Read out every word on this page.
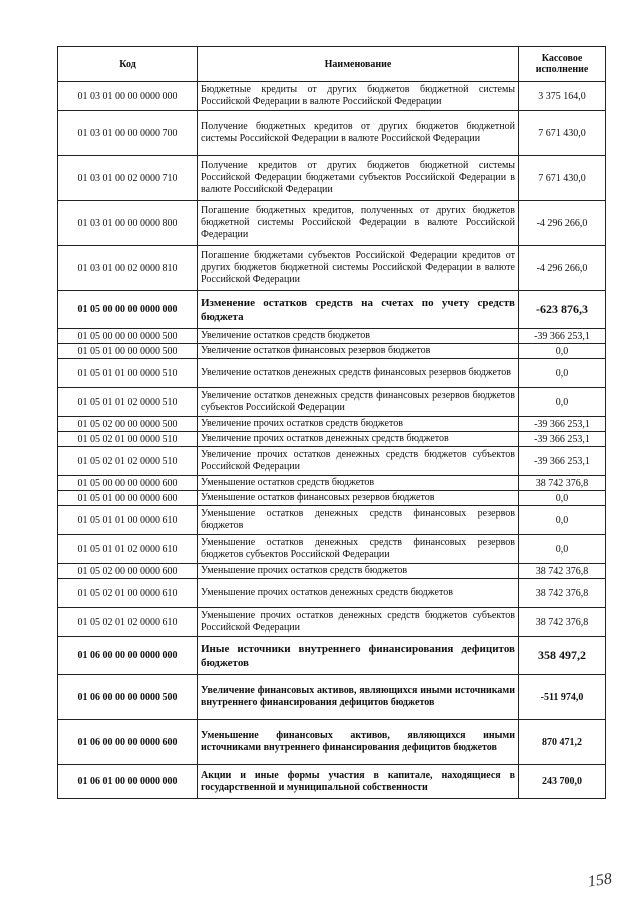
Код	Наименование	Кассовое исполнение
01 03 01 00 00 0000 000	Бюджетные кредиты от других бюджетов бюджетной системы Российской Федерации в валюте Российской Федерации	3 375 164,0
01 03 01 00 00 0000 700	Получение бюджетных кредитов от других бюджетов бюджетной системы Российской Федерации в валюте Российской Федерации	7 671 430,0
01 03 01 00 02 0000 710	Получение кредитов от других бюджетов бюджетной системы Российской Федерации бюджетами субъектов Российской Федерации в валюте Российской Федерации	7 671 430,0
01 03 01 00 00 0000 800	Погашение бюджетных кредитов, полученных от других бюджетов бюджетной системы Российской Федерации в валюте Российской Федерации	-4 296 266,0
01 03 01 00 02 0000 810	Погашение бюджетами субъектов Российской Федерации кредитов от других бюджетов бюджетной системы Российской Федерации в валюте Российской Федерации	-4 296 266,0
01 05 00 00 00 0000 000	Изменение остатков средств на счетах по учету средств бюджета	-623 876,3
01 05 00 00 00 0000 500	Увеличение остатков средств бюджетов	-39 366 253,1
01 05 01 00 00 0000 500	Увеличение остатков финансовых резервов бюджетов	0,0
01 05 01 01 00 0000 510	Увеличение остатков денежных средств финансовых резервов бюджетов	0,0
01 05 01 01 02 0000 510	Увеличение остатков денежных средств финансовых резервов бюджетов субъектов Российской Федерации	0,0
01 05 02 00 00 0000 500	Увеличение прочих остатков средств бюджетов	-39 366 253,1
01 05 02 01 00 0000 510	Увеличение прочих остатков денежных средств бюджетов	-39 366 253,1
01 05 02 01 02 0000 510	Увеличение прочих остатков денежных средств бюджетов субъектов Российской Федерации	-39 366 253,1
01 05 00 00 00 0000 600	Уменьшение остатков средств бюджетов	38 742 376,8
01 05 01 00 00 0000 600	Уменьшение остатков финансовых резервов бюджетов	0,0
01 05 01 01 00 0000 610	Уменьшение остатков денежных средств финансовых резервов бюджетов	0,0
01 05 01 01 02 0000 610	Уменьшение остатков денежных средств финансовых резервов бюджетов субъектов Российской Федерации	0,0
01 05 02 00 00 0000 600	Уменьшение прочих остатков средств бюджетов	38 742 376,8
01 05 02 01 00 0000 610	Уменьшение прочих остатков денежных средств бюджетов	38 742 376,8
01 05 02 01 02 0000 610	Уменьшение прочих остатков денежных средств бюджетов субъектов Российской Федерации	38 742 376,8
01 06 00 00 00 0000 000	Иные источники внутреннего финансирования дефицитов бюджетов	358 497,2
01 06 00 00 00 0000 500	Увеличение финансовых активов, являющихся иными источниками внутреннего финансирования дефицитов бюджетов	-511 974,0
01 06 00 00 00 0000 600	Уменьшение финансовых активов, являющихся иными источниками внутреннего финансирования дефицитов бюджетов	870 471,2
01 06 01 00 00 0000 000	Акции и иные формы участия в капитале, находящиеся в государственной и муниципальной собственности	243 700,0
158
